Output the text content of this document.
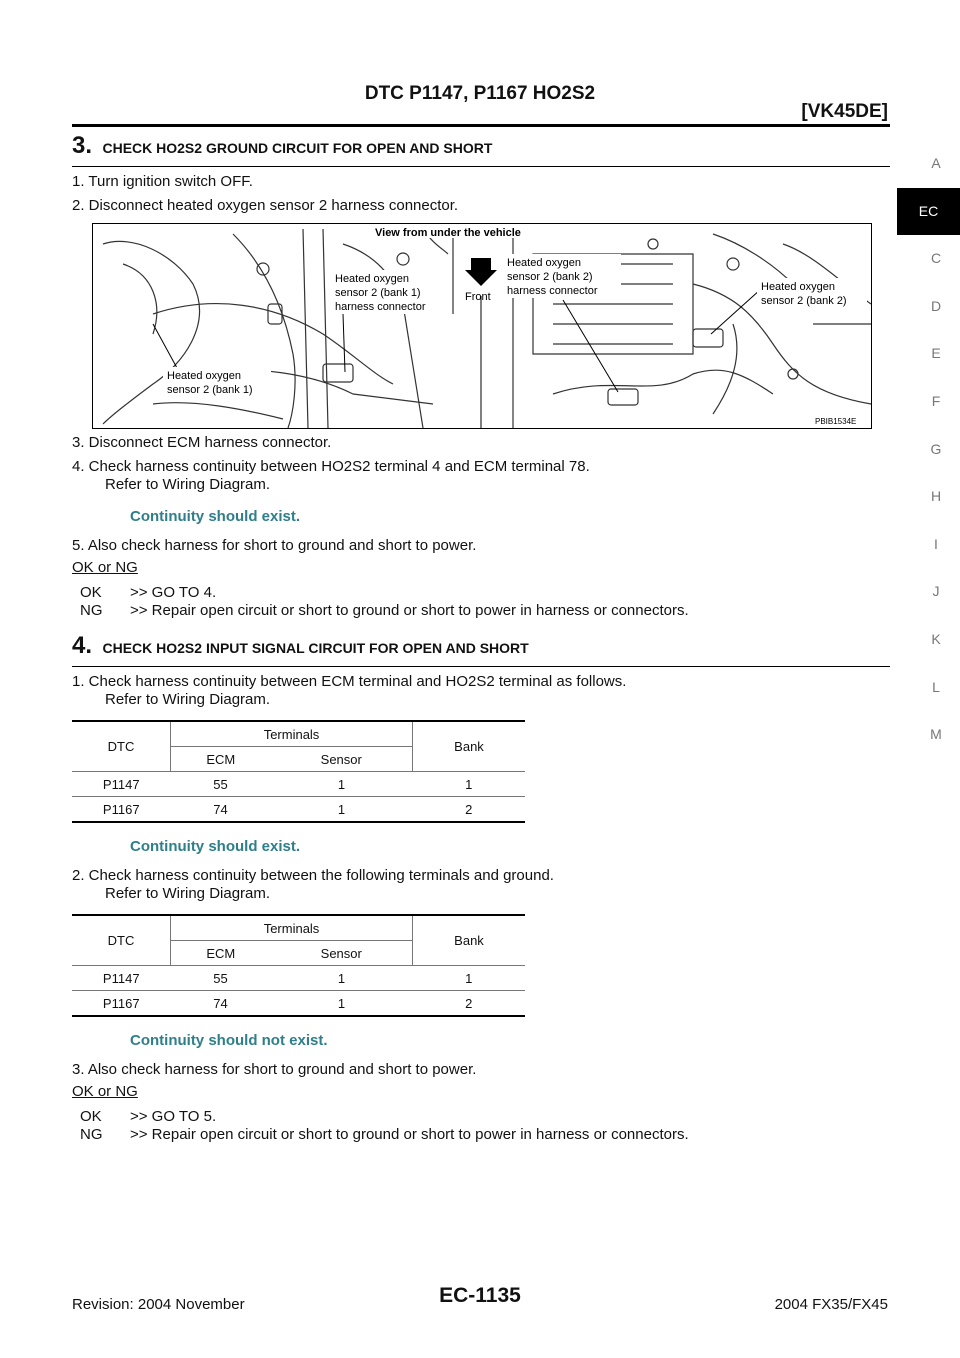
DTC P1147, P1167 HO2S2
[VK45DE]
A
EC
C
D
E
F
G
H
I
J
K
L
M
3. CHECK HO2S2 GROUND CIRCUIT FOR OPEN AND SHORT
1. Turn ignition switch OFF.
2. Disconnect heated oxygen sensor 2 harness connector.
View from under the vehicle
Front
Heated oxygen
sensor 2 (bank 1)
harness connector
Heated oxygen
sensor 2 (bank 1)
Heated oxygen
sensor 2 (bank 2)
harness connector	Heated oxygen
sensor 2 (bank 2)
PBIB1534E
3. Disconnect ECM harness connector.
4. Check harness continuity between HO2S2 terminal 4 and ECM terminal 78.
Refer to Wiring Diagram.
Continuity should exist.
5. Also check harness for short to ground and short to power.
OK or NG
OK >> GO TO 4.
NG >> Repair open circuit or short to ground or short to power in harness or connectors.
4. CHECK HO2S2 INPUT SIGNAL CIRCUIT FOR OPEN AND SHORT
1. Check harness continuity between ECM terminal and HO2S2 terminal as follows.
Refer to Wiring Diagram.
DTC	Terminals		Bank
	ECM	Sensor	
P1147	55	1	1
P1167	74	1	2
Continuity should exist.
2. Check harness continuity between the following terminals and ground.
Refer to Wiring Diagram.
DTC	Terminals		Bank
	ECM	Sensor	
P1147	55	1	1
P1167	74	1	2
Continuity should not exist.
3. Also check harness for short to ground and short to power.
OK or NG
OK >> GO TO 5.
NG >> Repair open circuit or short to ground or short to power in harness or connectors.
Revision: 2004 November	EC-1135	2004 FX35/FX45
